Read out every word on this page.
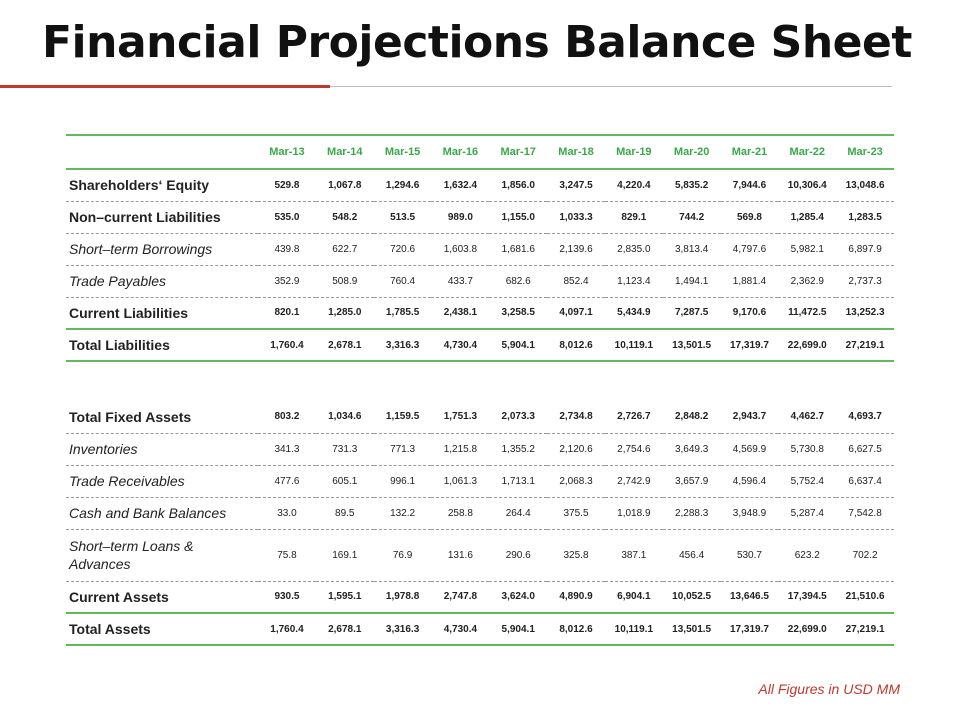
Financial Projections Balance Sheet
	Mar-13	Mar-14	Mar-15	Mar-16	Mar-17	Mar-18	Mar-19	Mar-20	Mar-21	Mar-22	Mar-23
Shareholders‘ Equity	529.8	1,067.8	1,294.6	1,632.4	1,856.0	3,247.5	4,220.4	5,835.2	7,944.6	10,306.4	13,048.6
Non–current Liabilities	535.0	548.2	513.5	989.0	1,155.0	1,033.3	829.1	744.2	569.8	1,285.4	1,283.5
Short–term Borrowings	439.8	622.7	720.6	1,603.8	1,681.6	2,139.6	2,835.0	3,813.4	4,797.6	5,982.1	6,897.9
Trade Payables	352.9	508.9	760.4	433.7	682.6	852.4	1,123.4	1,494.1	1,881.4	2,362.9	2,737.3
Current Liabilities	820.1	1,285.0	1,785.5	2,438.1	3,258.5	4,097.1	5,434.9	7,287.5	9,170.6	11,472.5	13,252.3
Total Liabilities	1,760.4	2,678.1	3,316.3	4,730.4	5,904.1	8,012.6	10,119.1	13,501.5	17,319.7	22,699.0	27,219.1

Total Fixed Assets	803.2	1,034.6	1,159.5	1,751.3	2,073.3	2,734.8	2,726.7	2,848.2	2,943.7	4,462.7	4,693.7
Inventories	341.3	731.3	771.3	1,215.8	1,355.2	2,120.6	2,754.6	3,649.3	4,569.9	5,730.8	6,627.5
Trade Receivables	477.6	605.1	996.1	1,061.3	1,713.1	2,068.3	2,742.9	3,657.9	4,596.4	5,752.4	6,637.4
Cash and Bank Balances	33.0	89.5	132.2	258.8	264.4	375.5	1,018.9	2,288.3	3,948.9	5,287.4	7,542.8
Short–term Loans & Advances	75.8	169.1	76.9	131.6	290.6	325.8	387.1	456.4	530.7	623.2	702.2
Current Assets	930.5	1,595.1	1,978.8	2,747.8	3,624.0	4,890.9	6,904.1	10,052.5	13,646.5	17,394.5	21,510.6
Total Assets	1,760.4	2,678.1	3,316.3	4,730.4	5,904.1	8,012.6	10,119.1	13,501.5	17,319.7	22,699.0	27,219.1
All Figures in USD MM
